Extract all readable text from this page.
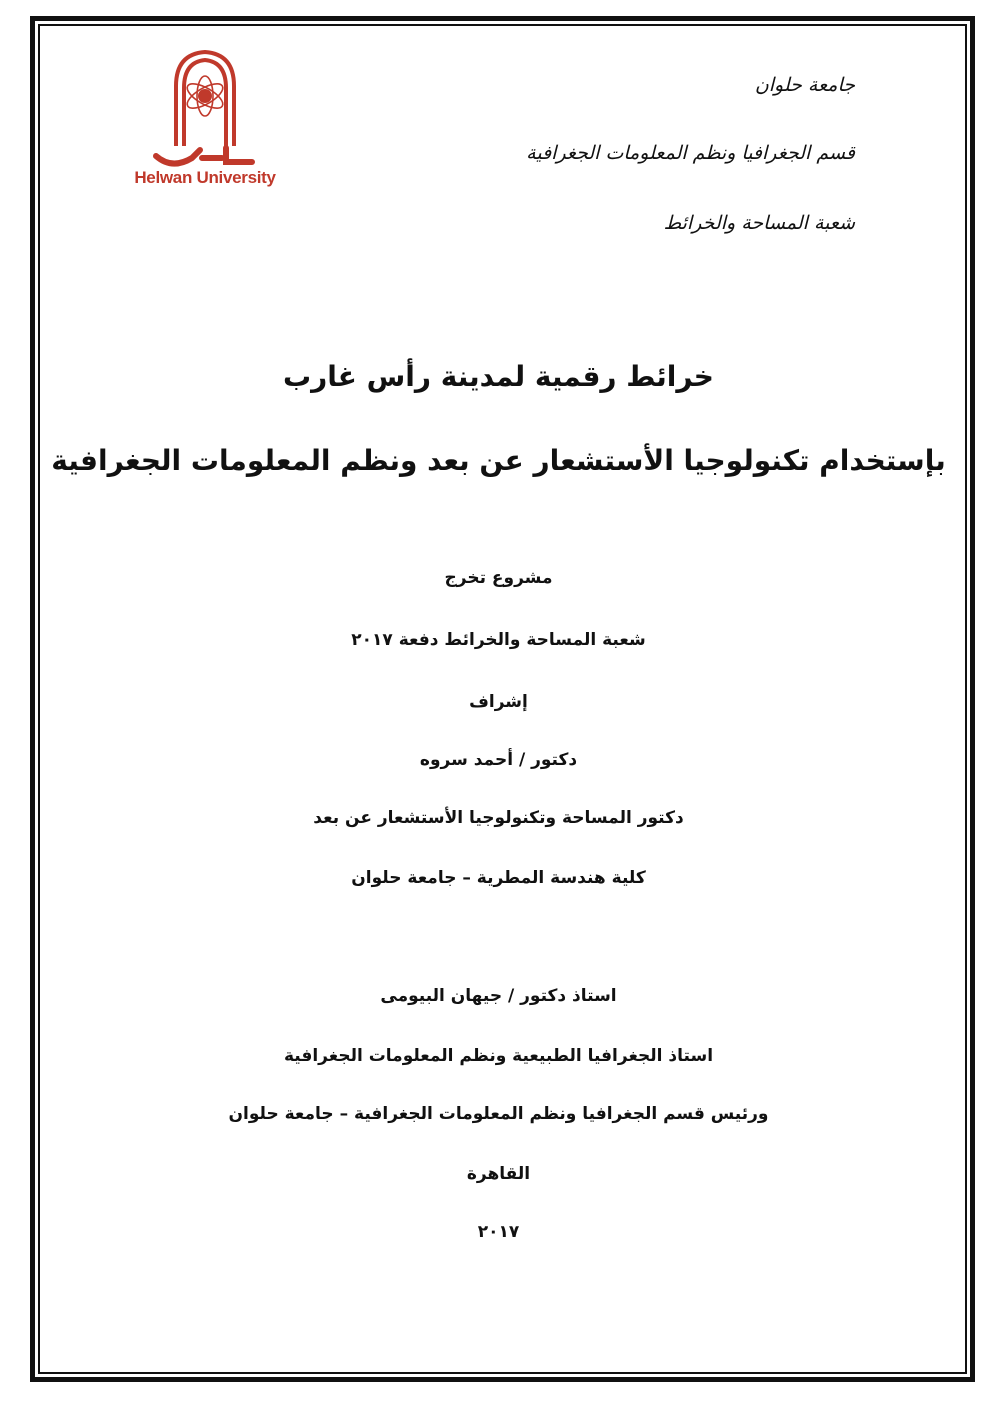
Helwan University
جامعة حلوان
قسم الجغرافيا ونظم المعلومات الجغرافية
شعبة المساحة والخرائط
خرائط رقمية لمدينة رأس غارب
بإستخدام تكنولوجيا الأستشعار عن بعد ونظم المعلومات الجغرافية
مشروع تخرج
شعبة المساحة والخرائط دفعة ٢٠١٧
إشراف
دكتور / أحمد سروه
دكتور المساحة وتكنولوجيا الأستشعار عن بعد
كلية هندسة المطرية – جامعة حلوان
استاذ دكتور / جيهان البيومى
استاذ الجغرافيا الطبيعية ونظم المعلومات الجغرافية
ورئيس قسم الجغرافيا ونظم المعلومات الجغرافية – جامعة حلوان
القاهرة
٢٠١٧
